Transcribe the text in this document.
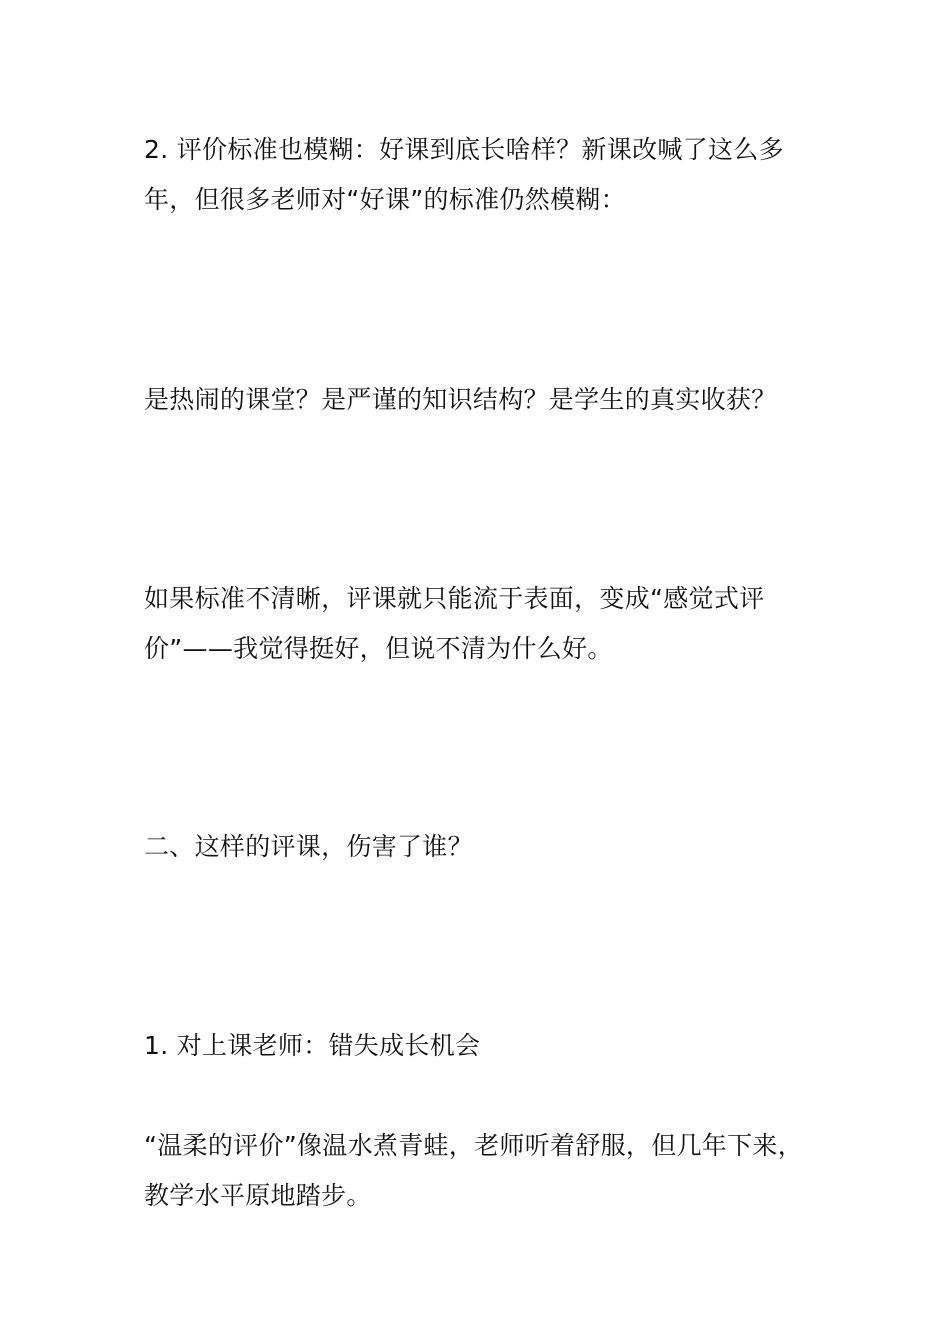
2. 评价标准也模糊：好课到底长啥样？新课改喊了这么多
年，但很多老师对“好课”的标准仍然模糊：

是热闹的课堂？是严谨的知识结构？是学生的真实收获？

如果标准不清晰，评课就只能流于表面，变成“感觉式评
价”——我觉得挺好，但说不清为什么好。

二、这样的评课，伤害了谁？

1. 对上课老师：错失成长机会

“温柔的评价”像温水煮青蛙，老师听着舒服，但几年下来，
教学水平原地踏步。
